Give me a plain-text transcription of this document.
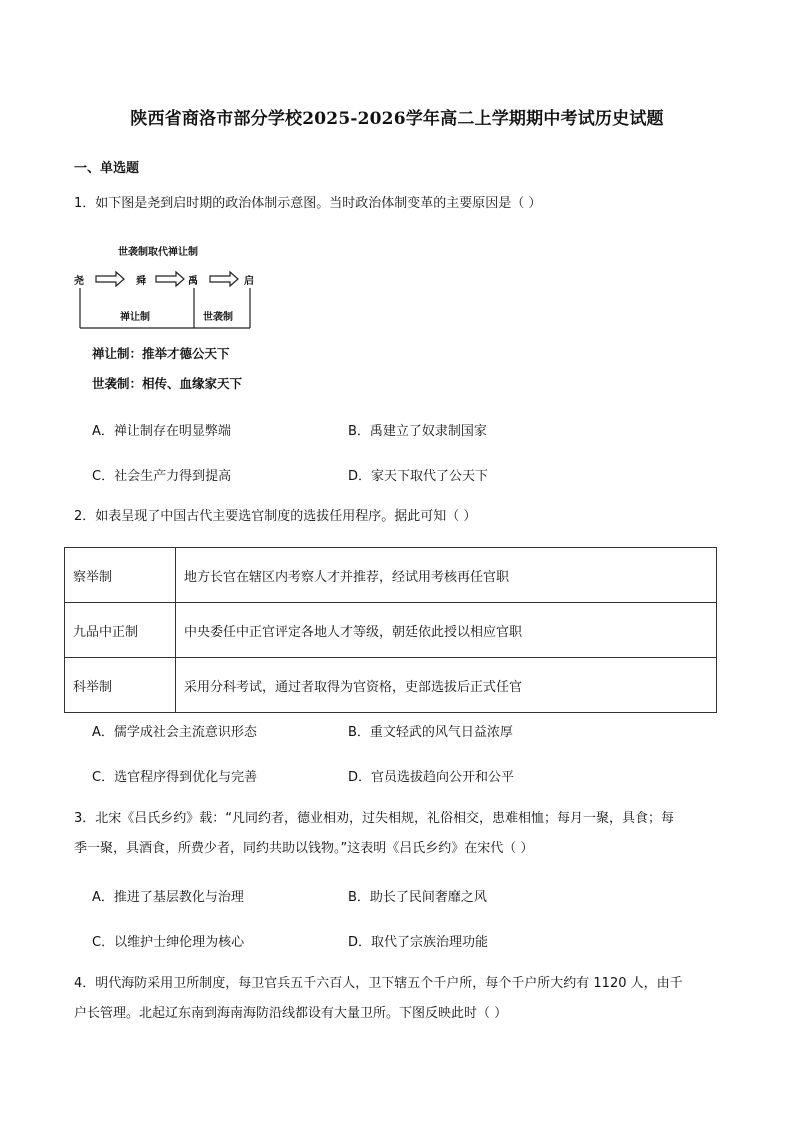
陕西省商洛市部分学校2025-2026学年高二上学期期中考试历史试题
一、单选题
1．如下图是尧到启时期的政治体制示意图。当时政治体制变革的主要原因是（ ）
世袭制取代禅让制
尧	舜	禹	启
禅让制	世袭制
禅让制：推举才德公天下
世袭制：相传、血缘家天下
A．禅让制存在明显弊端	B．禹建立了奴隶制国家
C．社会生产力得到提高	D．家天下取代了公天下
2．如表呈现了中国古代主要选官制度的选拔任用程序。据此可知（ ）
察举制	地方长官在辖区内考察人才并推荐，经试用考核再任官职
九品中正制	中央委任中正官评定各地人才等级，朝廷依此授以相应官职
科举制	采用分科考试，通过者取得为官资格，吏部选拔后正式任官
A．儒学成社会主流意识形态	B．重文轻武的风气日益浓厚
C．选官程序得到优化与完善	D．官员选拔趋向公开和公平
3．北宋《吕氏乡约》载：“凡同约者，德业相劝，过失相规，礼俗相交，患难相恤；每月一聚，具食；每
季一聚，具酒食，所费少者，同约共助以钱物。”这表明《吕氏乡约》在宋代（ ）
A．推进了基层教化与治理	B．助长了民间奢靡之风
C．以维护士绅伦理为核心	D．取代了宗族治理功能
4．明代海防采用卫所制度，每卫官兵五千六百人，卫下辖五个千户所，每个千户所大约有 1120 人，由千
户长管理。北起辽东南到海南海防沿线都设有大量卫所。下图反映此时（ ）
